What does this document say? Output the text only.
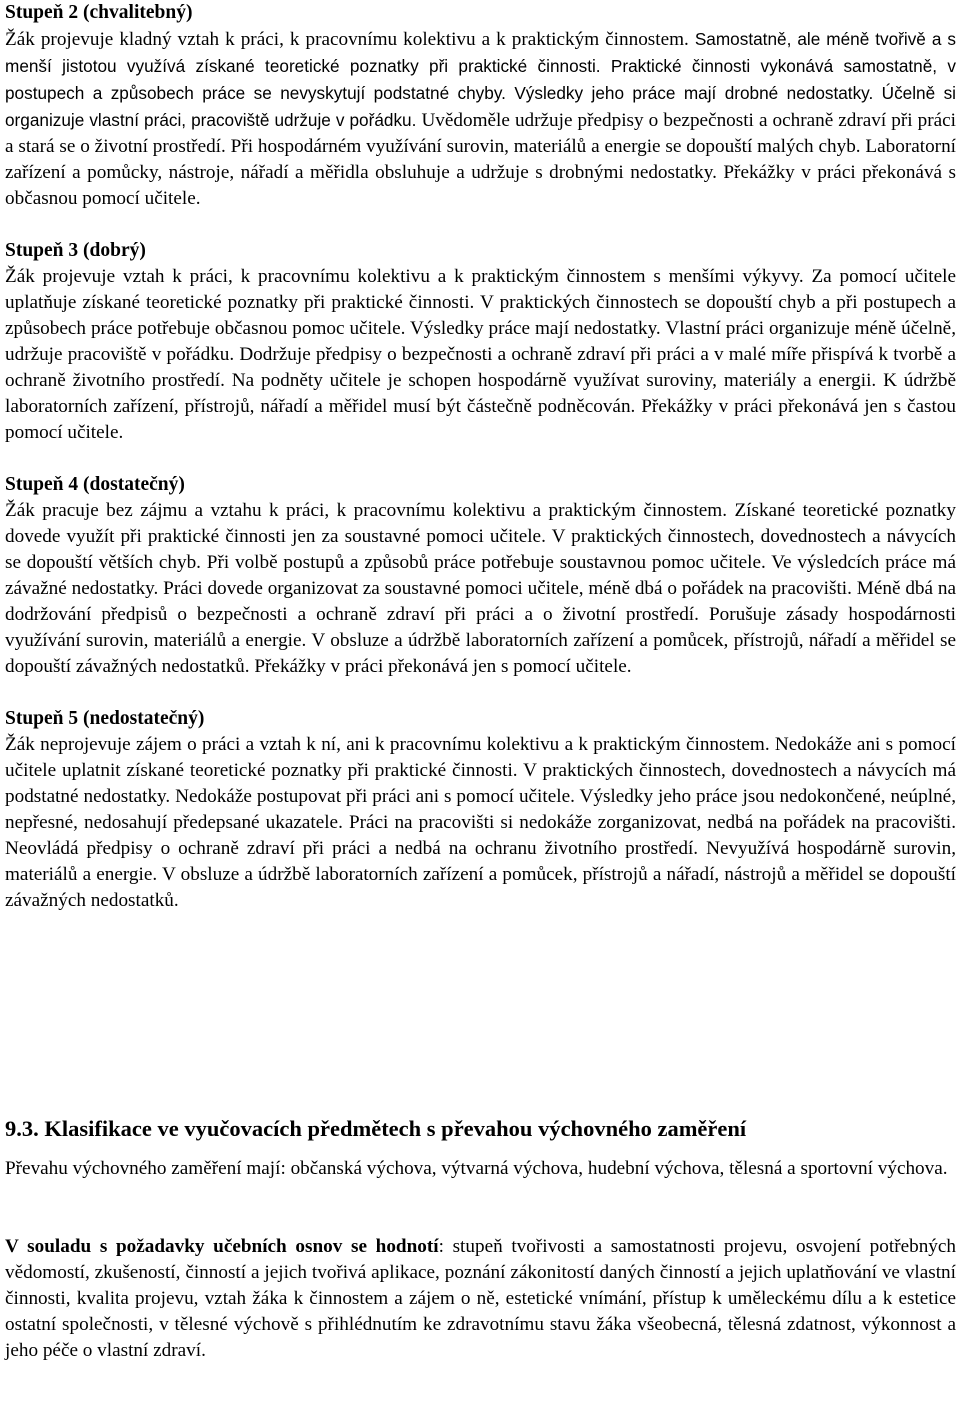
Stupeň 2 (chvalitebný)

Žák projevuje kladný vztah k práci, k pracovnímu kolektivu a k praktickým činnostem. Samostatně, ale méně tvořivě a s menší jistotou využívá získané teoretické poznatky při praktické činnosti. Praktické činnosti vykonává samostatně, v postupech a způsobech práce se nevyskytují podstatné chyby. Výsledky jeho práce mají drobné nedostatky. Účelně si organizuje vlastní práci, pracoviště udržuje v pořádku. Uvědoměle udržuje předpisy o bezpečnosti a ochraně zdraví při práci a stará se o životní prostředí. Při hospodárném využívání surovin, materiálů a energie se dopouští malých chyb. Laboratorní zařízení a pomůcky, nástroje, nářadí a měřidla obsluhuje a udržuje s drobnými nedostatky. Překážky v práci překonává s občasnou pomocí učitele.

Stupeň 3 (dobrý)

Žák projevuje vztah k práci, k pracovnímu kolektivu a k praktickým činnostem s menšími výkyvy. Za pomocí učitele uplatňuje získané teoretické poznatky při praktické činnosti. V praktických činnostech se dopouští chyb a při postupech a způsobech práce potřebuje občasnou pomoc učitele. Výsledky práce mají nedostatky. Vlastní práci organizuje méně účelně, udržuje pracoviště v pořádku. Dodržuje předpisy o bezpečnosti a ochraně zdraví při práci a v malé míře přispívá k tvorbě a ochraně životního prostředí. Na podněty učitele je schopen hospodárně využívat suroviny, materiály a energii. K údržbě laboratorních zařízení, přístrojů, nářadí a měřidel musí být částečně podněcován. Překážky v práci překonává jen s častou pomocí učitele.

Stupeň 4 (dostatečný)

Žák pracuje bez zájmu a vztahu k práci, k pracovnímu kolektivu a praktickým činnostem. Získané teoretické poznatky dovede využít při praktické činnosti jen za soustavné pomoci učitele. V praktických činnostech, dovednostech a návycích se dopouští větších chyb. Při volbě postupů a způsobů práce potřebuje soustavnou pomoc učitele. Ve výsledcích práce má závažné nedostatky. Práci dovede organizovat za soustavné pomoci učitele, méně dbá o pořádek na pracovišti. Méně dbá na dodržování předpisů o bezpečnosti a ochraně zdraví při práci a o životní prostředí. Porušuje zásady hospodárnosti využívání surovin, materiálů a energie. V obsluze a údržbě laboratorních zařízení a pomůcek, přístrojů, nářadí a měřidel se dopouští závažných nedostatků. Překážky v práci překonává jen s pomocí učitele.

Stupeň 5 (nedostatečný)

Žák neprojevuje zájem o práci a vztah k ní, ani k pracovnímu kolektivu a k praktickým činnostem. Nedokáže ani s pomocí učitele uplatnit získané teoretické poznatky při praktické činnosti. V praktických činnostech, dovednostech a návycích má podstatné nedostatky. Nedokáže postupovat při práci ani s pomocí učitele. Výsledky jeho práce jsou nedokončené, neúplné, nepřesné, nedosahují předepsané ukazatele. Práci na pracovišti si nedokáže zorganizovat, nedbá na pořádek na pracovišti. Neovládá předpisy o ochraně zdraví při práci a nedbá na ochranu životního prostředí. Nevyužívá hospodárně surovin, materiálů a energie. V obsluze a údržbě laboratorních zařízení a pomůcek, přístrojů a nářadí, nástrojů a měřidel se dopouští závažných nedostatků.

9.3. Klasifikace ve vyučovacích předmětech s převahou výchovného zaměření

Převahu výchovného zaměření mají: občanská výchova, výtvarná výchova, hudební výchova, tělesná a sportovní výchova.

V souladu s požadavky učebních osnov se hodnotí: stupeň tvořivosti a samostatnosti projevu, osvojení potřebných vědomostí, zkušeností, činností a jejich tvořivá aplikace, poznání zákonitostí daných činností a jejich uplatňování ve vlastní činnosti, kvalita projevu, vztah žáka k činnostem a zájem o ně, estetické vnímání, přístup k uměleckému dílu a k estetice ostatní společnosti, v tělesné výchově s přihlédnutím ke zdravotnímu stavu žáka všeobecná, tělesná zdatnost, výkonnost a jeho péče o vlastní zdraví.
